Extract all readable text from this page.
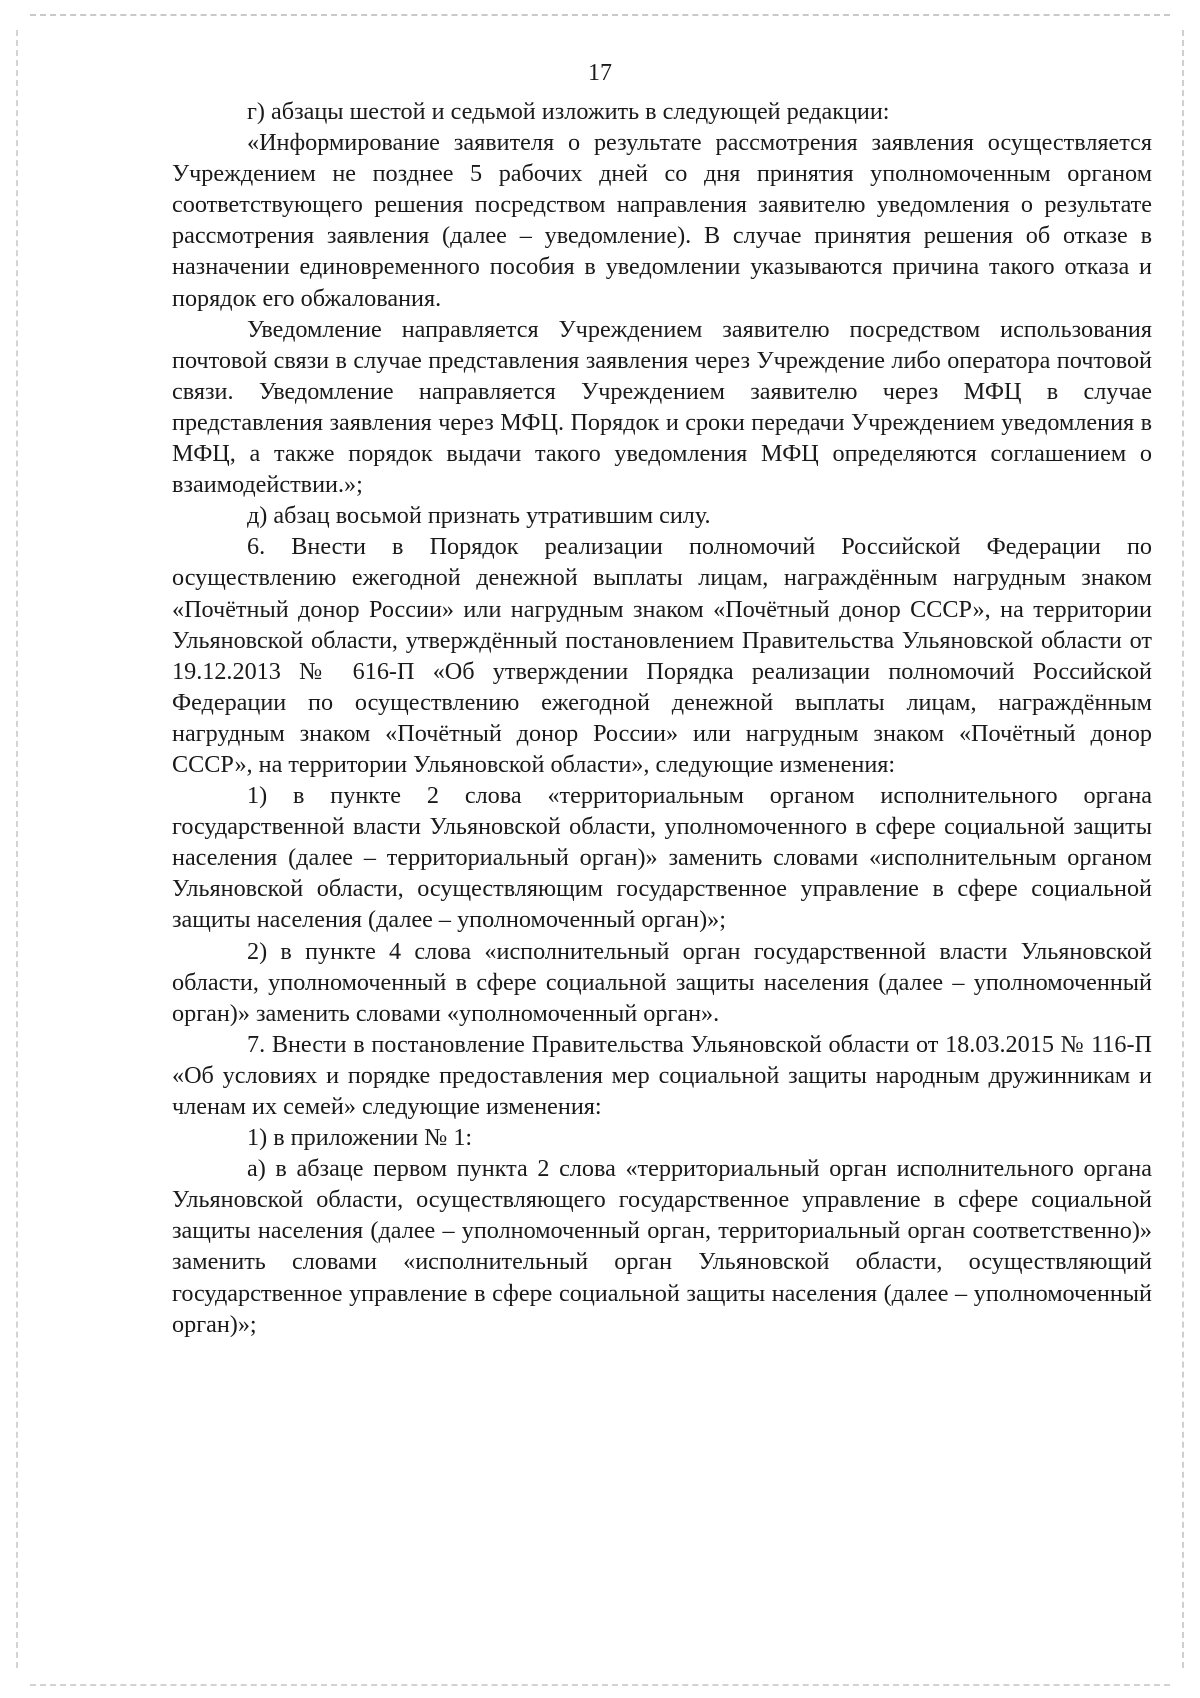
17

г) абзацы шестой и седьмой изложить в следующей редакции:

«Информирование заявителя о результате рассмотрения заявления осуществляется Учреждением не позднее 5 рабочих дней со дня принятия уполномоченным органом соответствующего решения посредством направления заявителю уведомления о результате рассмотрения заявления (далее – уведомление). В случае принятия решения об отказе в назначении единовременного пособия в уведомлении указываются причина такого отказа и порядок его обжалования.

Уведомление направляется Учреждением заявителю посредством использования почтовой связи в случае представления заявления через Учреждение либо оператора почтовой связи. Уведомление направляется Учреждением заявителю через МФЦ в случае представления заявления через МФЦ. Порядок и сроки передачи Учреждением уведомления в МФЦ, а также порядок выдачи такого уведомления МФЦ определяются соглашением о взаимодействии.»;

д) абзац восьмой признать утратившим силу.

6. Внести в Порядок реализации полномочий Российской Федерации по осуществлению ежегодной денежной выплаты лицам, награждённым нагрудным знаком «Почётный донор России» или нагрудным знаком «Почётный донор СССР», на территории Ульяновской области, утверждённый постановлением Правительства Ульяновской области от 19.12.2013 № 616-П «Об утверждении Порядка реализации полномочий Российской Федерации по осуществлению ежегодной денежной выплаты лицам, награждённым нагрудным знаком «Почётный донор России» или нагрудным знаком «Почётный донор СССР», на территории Ульяновской области», следующие изменения:

1) в пункте 2 слова «территориальным органом исполнительного органа государственной власти Ульяновской области, уполномоченного в сфере социальной защиты населения (далее – территориальный орган)» заменить словами «исполнительным органом Ульяновской области, осуществляющим государственное управление в сфере социальной защиты населения (далее – уполномоченный орган)»;

2) в пункте 4 слова «исполнительный орган государственной власти Ульяновской области, уполномоченный в сфере социальной защиты населения (далее – уполномоченный орган)» заменить словами «уполномоченный орган».

7. Внести в постановление Правительства Ульяновской области от 18.03.2015 № 116-П «Об условиях и порядке предоставления мер социальной защиты народным дружинникам и членам их семей» следующие изменения:

1) в приложении № 1:

а) в абзаце первом пункта 2 слова «территориальный орган исполнительного органа Ульяновской области, осуществляющего государственное управление в сфере социальной защиты населения (далее – уполномоченный орган, территориальный орган соответственно)» заменить словами «исполнительный орган Ульяновской области, осуществляющий государственное управление в сфере социальной защиты населения (далее – уполномоченный орган)»;
